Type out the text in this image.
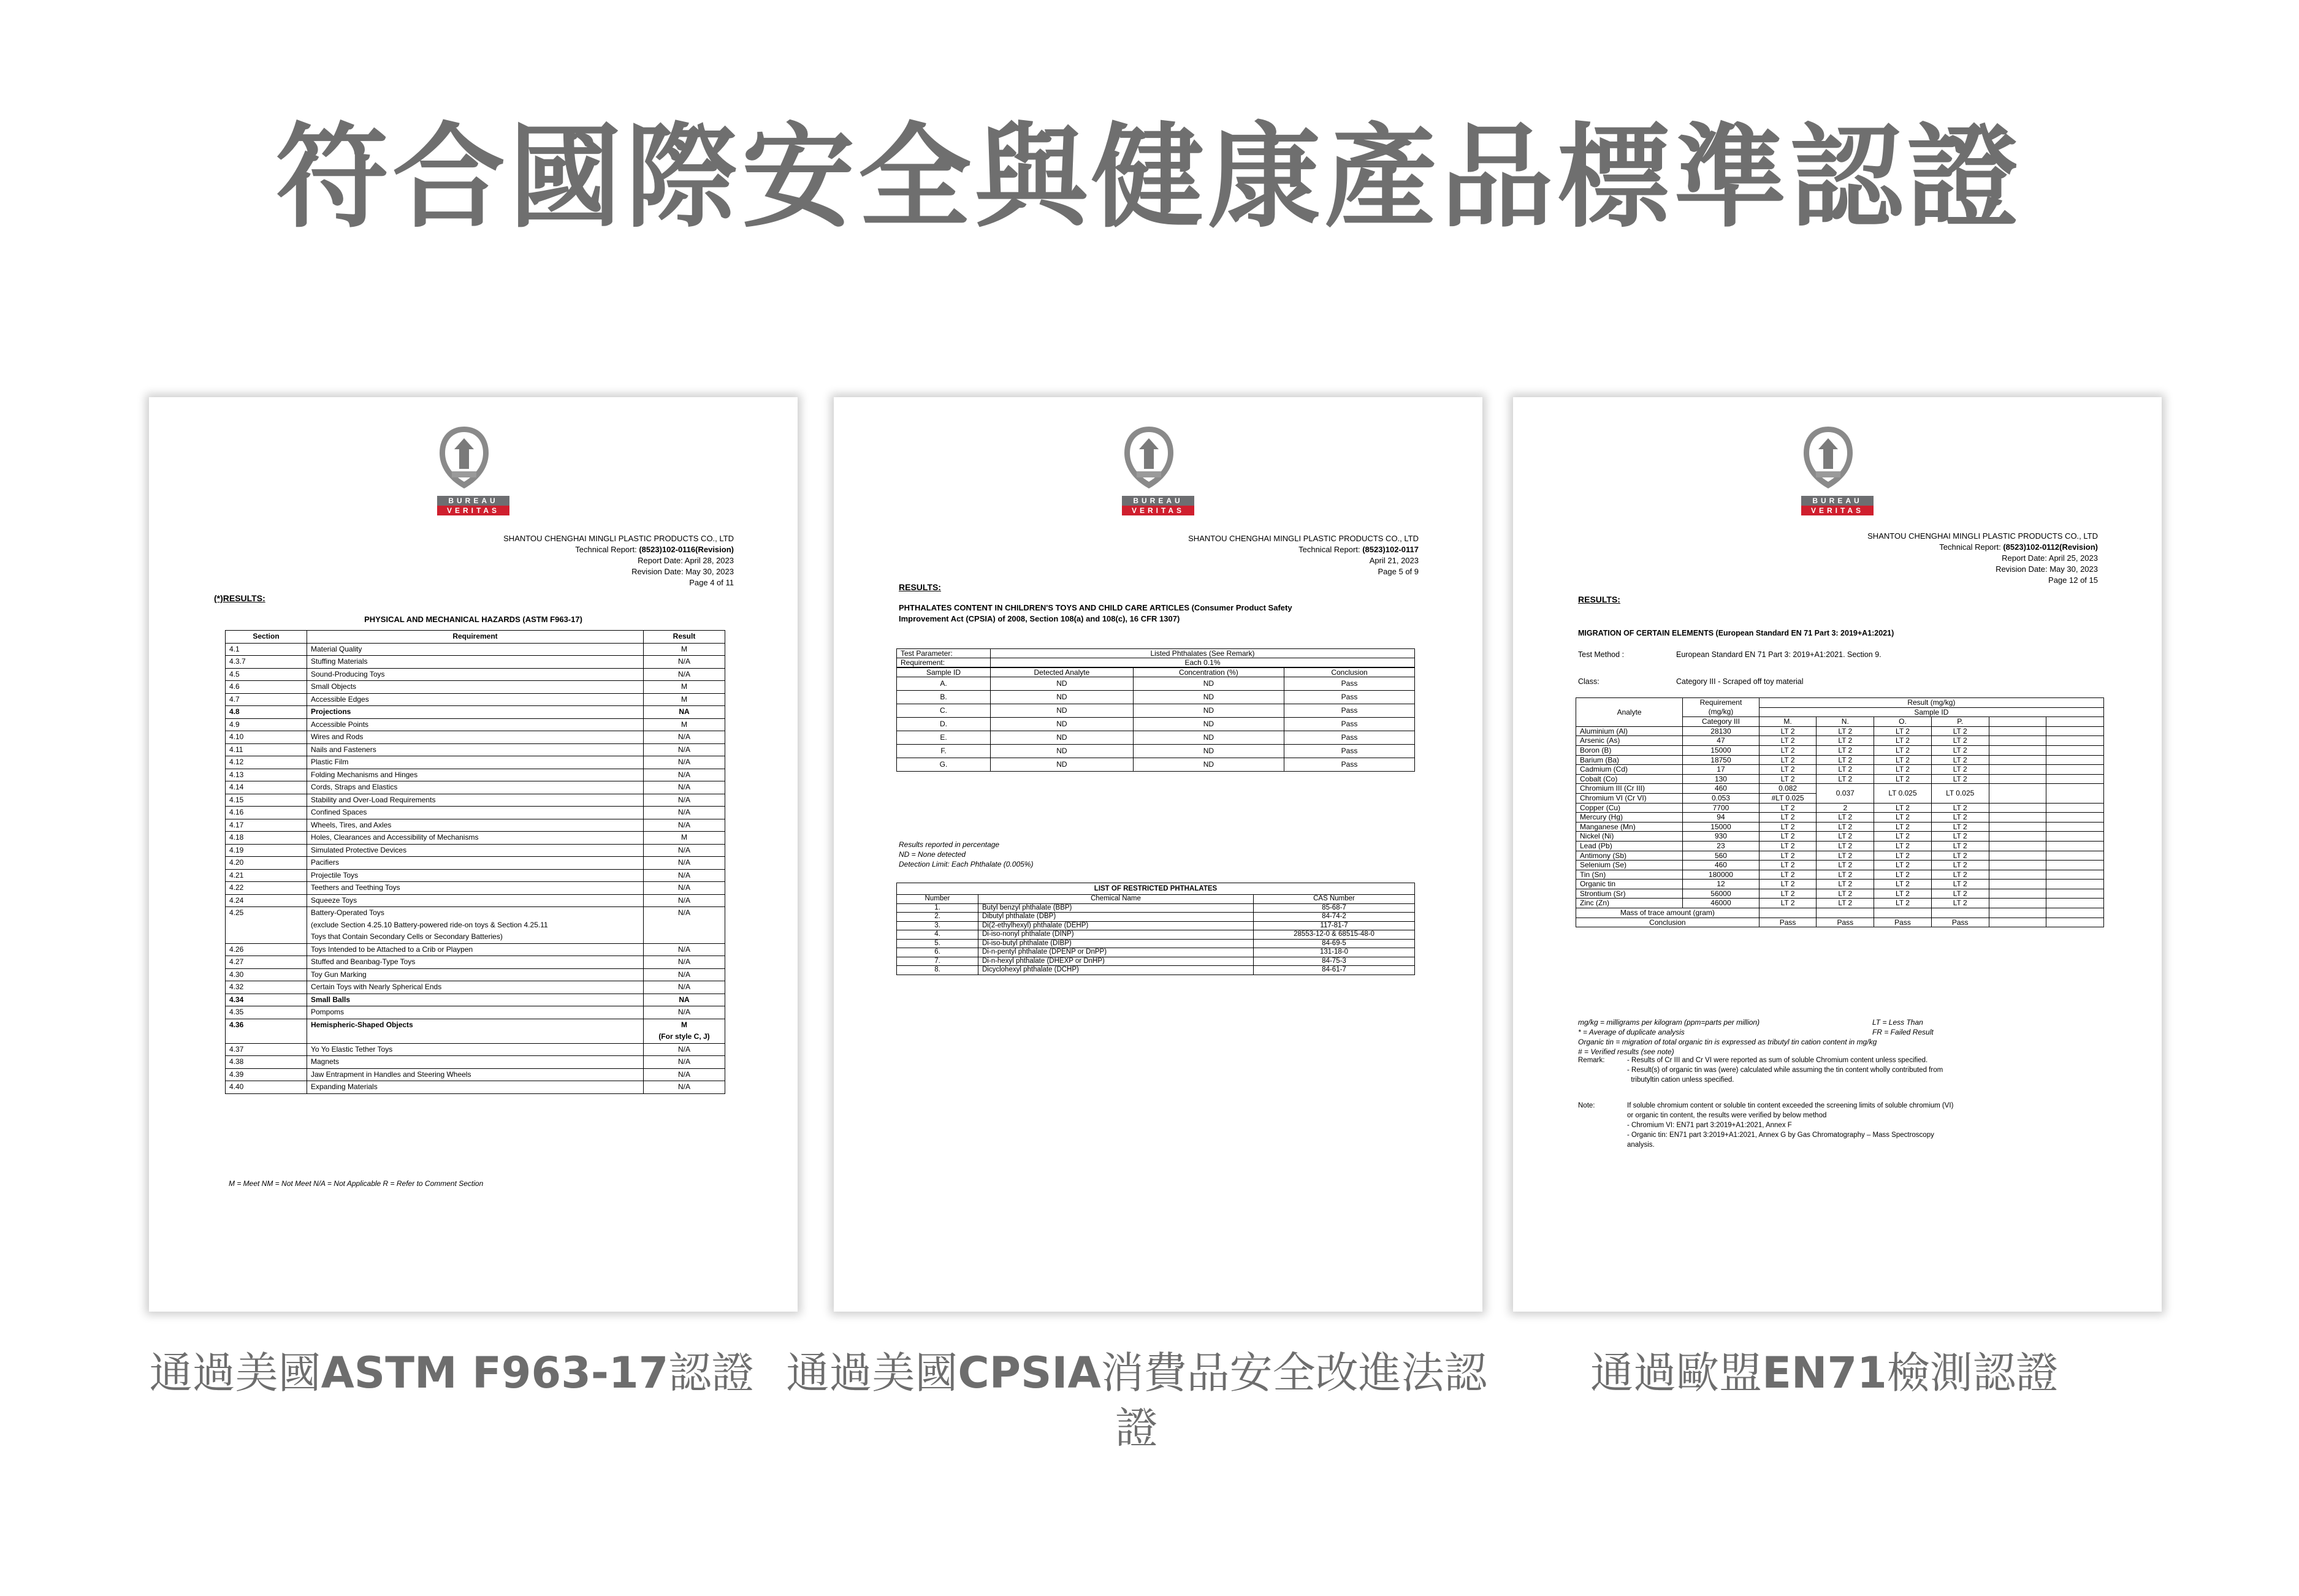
符合國際安全與健康產品標準認證
BUREAU
VERITAS
SHANTOU CHENGHAI MINGLI PLASTIC PRODUCTS CO., LTD
Technical Report: (8523)102-0116(Revision)
Report Date: April 28, 2023
Revision Date: May 30, 2023
Page 4 of 11
(*)RESULTS:
PHYSICAL AND MECHANICAL HAZARDS (ASTM F963-17)
Section	Requirement	Result
4.1	Material Quality	M
4.3.7	Stuffing Materials	N/A
4.5	Sound-Producing Toys	N/A
4.6	Small Objects	M
4.7	Accessible Edges	M
4.8	Projections	NA
4.9	Accessible Points	M
4.10	Wires and Rods	N/A
4.11	Nails and Fasteners	N/A
4.12	Plastic Film	N/A
4.13	Folding Mechanisms and Hinges	N/A
4.14	Cords, Straps and Elastics	N/A
4.15	Stability and Over-Load Requirements	N/A
4.16	Confined Spaces	N/A
4.17	Wheels, Tires, and Axles	N/A
4.18	Holes, Clearances and Accessibility of Mechanisms	M
4.19	Simulated Protective Devices	N/A
4.20	Pacifiers	N/A
4.21	Projectile Toys	N/A
4.22	Teethers and Teething Toys	N/A
4.24	Squeeze Toys	N/A
4.25	Battery-Operated Toys
(exclude Section 4.25.10 Battery-powered ride-on toys & Section 4.25.11
Toys that Contain Secondary Cells or Secondary Batteries)	N/A
4.26	Toys Intended to be Attached to a Crib or Playpen	N/A
4.27	Stuffed and Beanbag-Type Toys	N/A
4.30	Toy Gun Marking	N/A
4.32	Certain Toys with Nearly Spherical Ends	N/A
4.34	Small Balls	NA
4.35	Pompoms	N/A
4.36	Hemispheric-Shaped Objects	M
(For style C, J)

4.37	Yo Yo Elastic Tether Toys	N/A
4.38	Magnets	N/A
4.39	Jaw Entrapment in Handles and Steering Wheels	N/A
4.40	Expanding Materials	N/A
M = Meet NM = Not Meet N/A = Not Applicable R = Refer to Comment Section
BUREAU
VERITAS
SHANTOU CHENGHAI MINGLI PLASTIC PRODUCTS CO., LTD
Technical Report: (8523)102-0117
April 21, 2023
Page 5 of 9
RESULTS:
PHTHALATES CONTENT IN CHILDREN'S TOYS AND CHILD CARE ARTICLES (Consumer Product Safety
Improvement Act (CPSIA) of 2008, Section 108(a) and 108(c), 16 CFR 1307)
Test Parameter:	Listed Phthalates (See Remark)
Requirement:	Each 0.1%
Sample ID	Detected Analyte	Concentration (%)	Conclusion
A.	ND	ND	Pass
B.	ND	ND	Pass
C.	ND	ND	Pass
D.	ND	ND	Pass
E.	ND	ND	Pass
F.	ND	ND	Pass
G.	ND	ND	Pass
Results reported in percentage
ND = None detected
Detection Limit: Each Phthalate (0.005%)
LIST OF RESTRICTED PHTHALATES		
Number	Chemical Name	CAS Number
1.	Butyl benzyl phthalate (BBP)	85-68-7
2.	Dibutyl phthalate (DBP)	84-74-2
3.	Di(2-ethylhexyl) phthalate (DEHP)	117-81-7
4.	Di-iso-nonyl phthalate (DINP)	28553-12-0 & 68515-48-0
5.	Di-iso-butyl phthalate (DIBP)	84-69-5
6.	Di-n-pentyl phthalate (DPENP or DnPP)	131-18-0
7.	Di-n-hexyl phthalate (DHEXP or DnHP)	84-75-3
8.	Dicyclohexyl phthalate (DCHP)	84-61-7
BUREAU
VERITAS
SHANTOU CHENGHAI MINGLI PLASTIC PRODUCTS CO., LTD
Technical Report: (8523)102-0112(Revision)
Report Date: April 25, 2023
Revision Date: May 30, 2023
Page 12 of 15
RESULTS:
MIGRATION OF CERTAIN ELEMENTS (European Standard EN 71 Part 3: 2019+A1:2021)
Test Method :	European Standard EN 71 Part 3: 2019+A1:2021. Section 9.
Class:	Category III - Scraped off toy material
Analyte	Requirement (mg/kg)	Result (mg/kg)					
		Sample ID					
	Category III	M.	N.	O.	P.		
Aluminium (Al)	28130	LT 2	LT 2	LT 2	LT 2		
Arsenic (As)	47	LT 2	LT 2	LT 2	LT 2		
Boron (B)	15000	LT 2	LT 2	LT 2	LT 2		
Barium (Ba)	18750	LT 2	LT 2	LT 2	LT 2		
Cadmium (Cd)	17	LT 2	LT 2	LT 2	LT 2		
Cobalt (Co)	130	LT 2	LT 2	LT 2	LT 2		
Chromium III (Cr III)	460	0.082	0.037	LT 0.025	LT 0.025		
Chromium VI (Cr VI)	0.053	#LT 0.025					
Copper (Cu)	7700	LT 2	2	LT 2	LT 2		
Mercury (Hg)	94	LT 2	LT 2	LT 2	LT 2		
Manganese (Mn)	15000	LT 2	LT 2	LT 2	LT 2		
Nickel (Ni)	930	LT 2	LT 2	LT 2	LT 2		
Lead (Pb)	23	LT 2	LT 2	LT 2	LT 2		
Antimony (Sb)	560	LT 2	LT 2	LT 2	LT 2		
Selenium (Se)	460	LT 2	LT 2	LT 2	LT 2		
Tin (Sn)	180000	LT 2	LT 2	LT 2	LT 2		
Organic tin	12	LT 2	LT 2	LT 2	LT 2		
Strontium (Sr)	56000	LT 2	LT 2	LT 2	LT 2		
Zinc (Zn)	46000	LT 2	LT 2	LT 2	LT 2		
Mass of trace amount (gram)							
Conclusion		Pass	Pass	Pass	Pass		
mg/kg = milligrams per kilogram (ppm=parts per million)
* = Average of duplicate analysis
Organic tin = migration of total organic tin is expressed as tributyl tin cation content in mg/kg
# = Verified results (see note)
LT = Less Than
FR = Failed Result
Remark:	- Results of Cr III and Cr VI were reported as sum of soluble Chromium content unless specified.
- Result(s) of organic tin was (were) calculated while assuming the tin content wholly contributed from
tributyltin cation unless specified.
Note:	If soluble chromium content or soluble tin content exceeded the screening limits of soluble chromium (VI)
or organic tin content, the results were verified by below method
- Chromium VI: EN71 part 3:2019+A1:2021, Annex F
- Organic tin: EN71 part 3:2019+A1:2021, Annex G by Gas Chromatography – Mass Spectroscopy
analysis.
通過美國ASTM F963-17認證 通過美國CPSIA消費品安全改進法認證
通過歐盟EN71檢測認證
